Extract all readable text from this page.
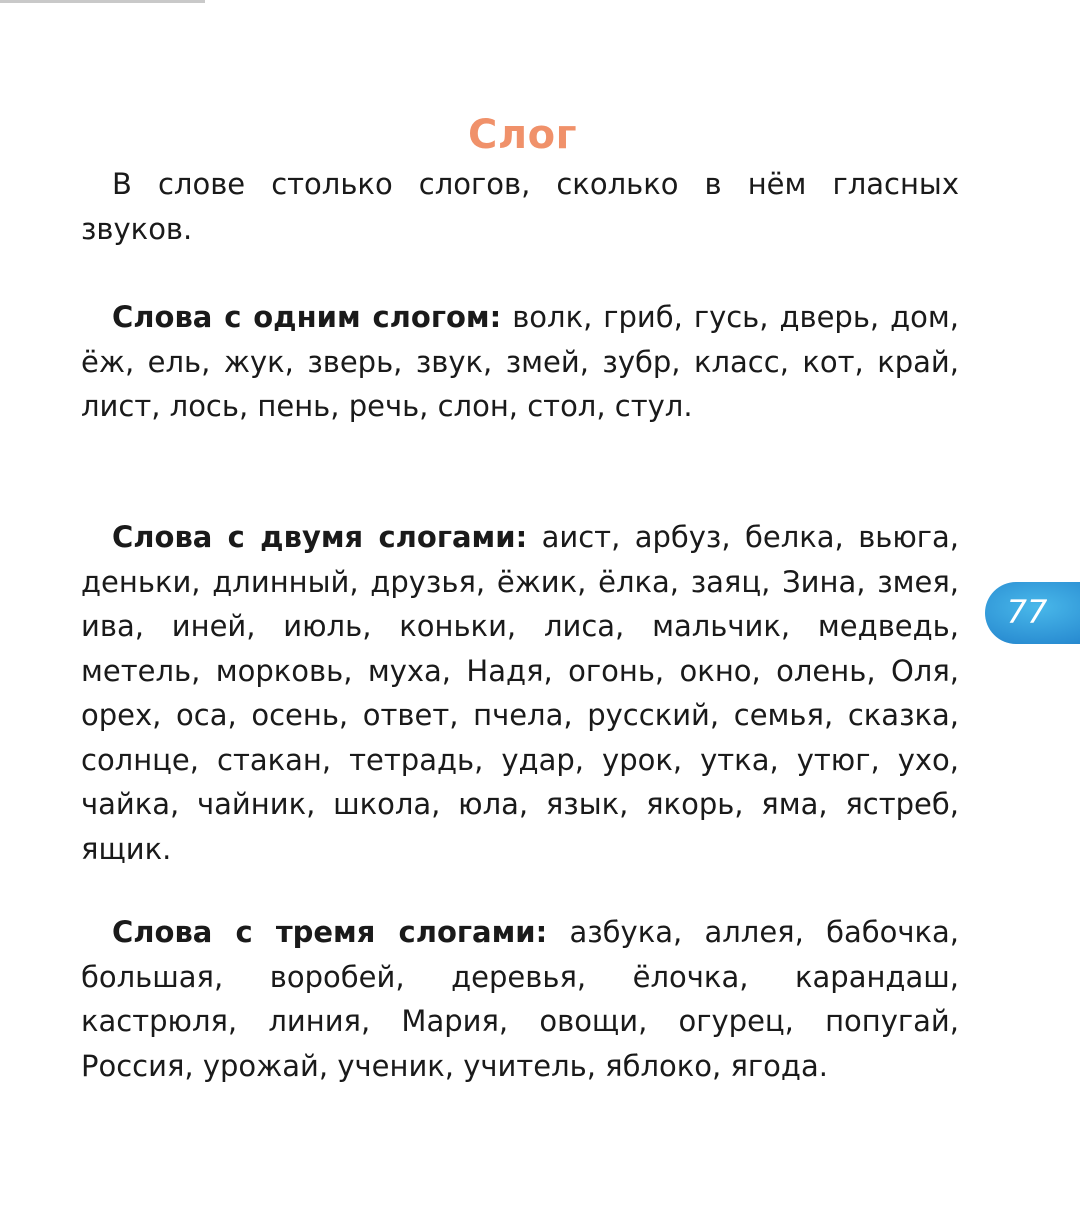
Слог

В слове столько слогов, сколько в нём гласных звуков.

Слова с одним слогом: волк, гриб, гусь, дверь, дом, ёж, ель, жук, зверь, звук, змей, зубр, класс, кот, край, лист, лось, пень, речь, слон, стол, стул.

Слова с двумя слогами: аист, арбуз, белка, вьюга, деньки, длинный, друзья, ёжик, ёлка, заяц, Зина, змея, ива, иней, июль, коньки, лиса, мальчик, медведь, метель, морковь, муха, Надя, огонь, окно, олень, Оля, орех, оса, осень, ответ, пчела, русский, семья, сказка, солнце, стакан, тетрадь, удар, урок, утка, утюг, ухо, чайка, чайник, школа, юла, язык, якорь, яма, ястреб, ящик.

Слова с тремя слогами: азбука, аллея, бабочка, большая, воробей, деревья, ёлочка, карандаш, кастрюля, линия, Мария, овощи, огурец, попугай, Россия, урожай, ученик, учитель, яблоко, ягода.

77
